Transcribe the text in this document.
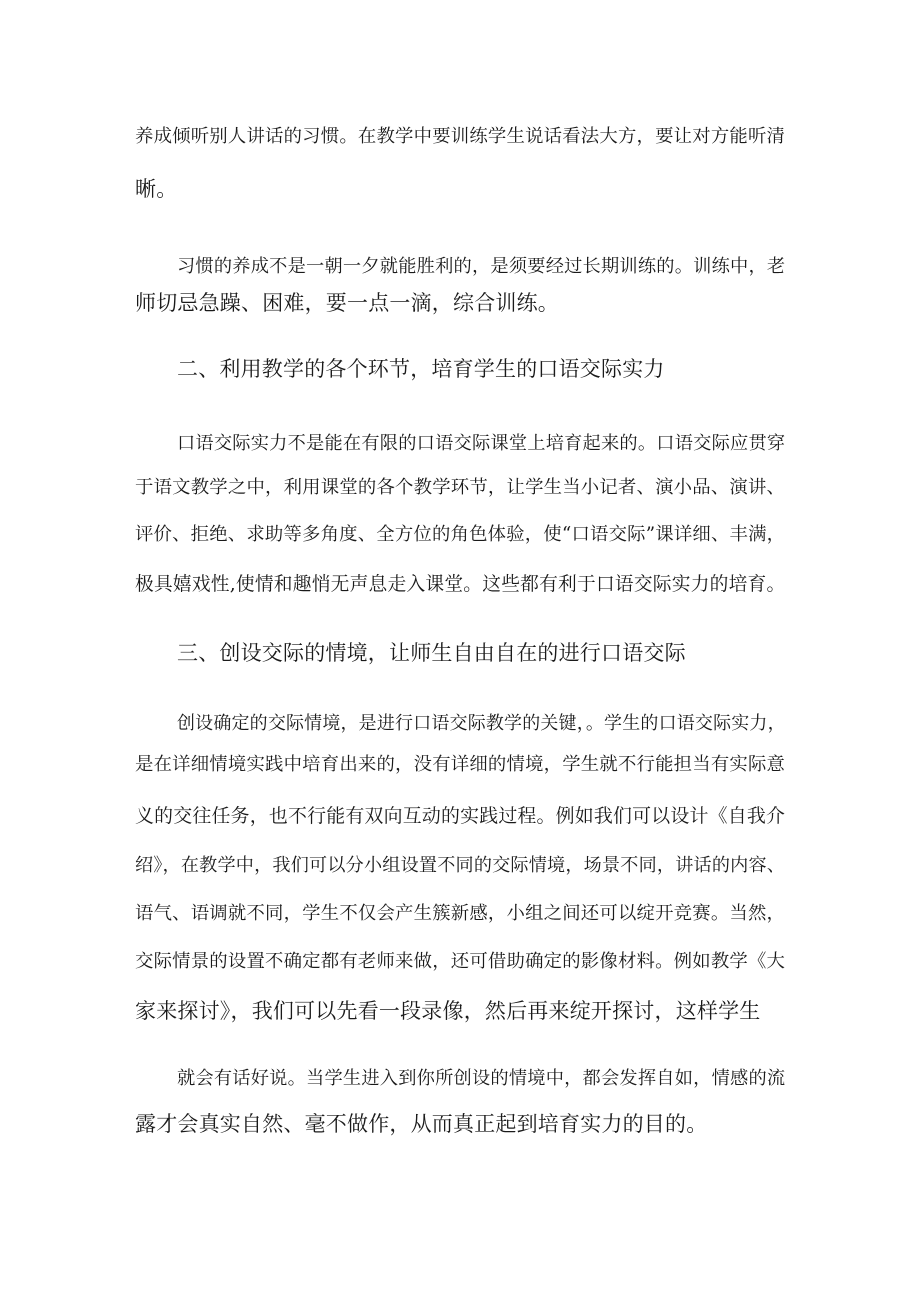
养成倾听别人讲话的习惯。在教学中要训练学生说话看法大方，要让对方能听清
晰。
习惯的养成不是一朝一夕就能胜利的，是须要经过长期训练的。训练中，老
师切忌急躁、困难，要一点一滴，综合训练。
二、利用教学的各个环节，培育学生的口语交际实力
口语交际实力不是能在有限的口语交际课堂上培育起来的。口语交际应贯穿
于语文教学之中，利用课堂的各个教学环节，让学生当小记者、演小品、演讲、
评价、拒绝、求助等多角度、全方位的角色体验，使“口语交际”课详细、丰满，
极具嬉戏性,使情和趣悄无声息走入课堂。这些都有利于口语交际实力的培育。
三、创设交际的情境，让师生自由自在的进行口语交际
创设确定的交际情境，是进行口语交际教学的关键，。学生的口语交际实力，
是在详细情境实践中培育出来的，没有详细的情境，学生就不行能担当有实际意
义的交往任务，也不行能有双向互动的实践过程。例如我们可以设计《自我介
绍》，在教学中，我们可以分小组设置不同的交际情境，场景不同，讲话的内容、
语气、语调就不同，学生不仅会产生簇新感，小组之间还可以绽开竞赛。当然，
交际情景的设置不确定都有老师来做，还可借助确定的影像材料。例如教学《大
家来探讨》，我们可以先看一段录像，然后再来绽开探讨，这样学生
就会有话好说。当学生进入到你所创设的情境中，都会发挥自如，情感的流
露才会真实自然、毫不做作，从而真正起到培育实力的目的。
